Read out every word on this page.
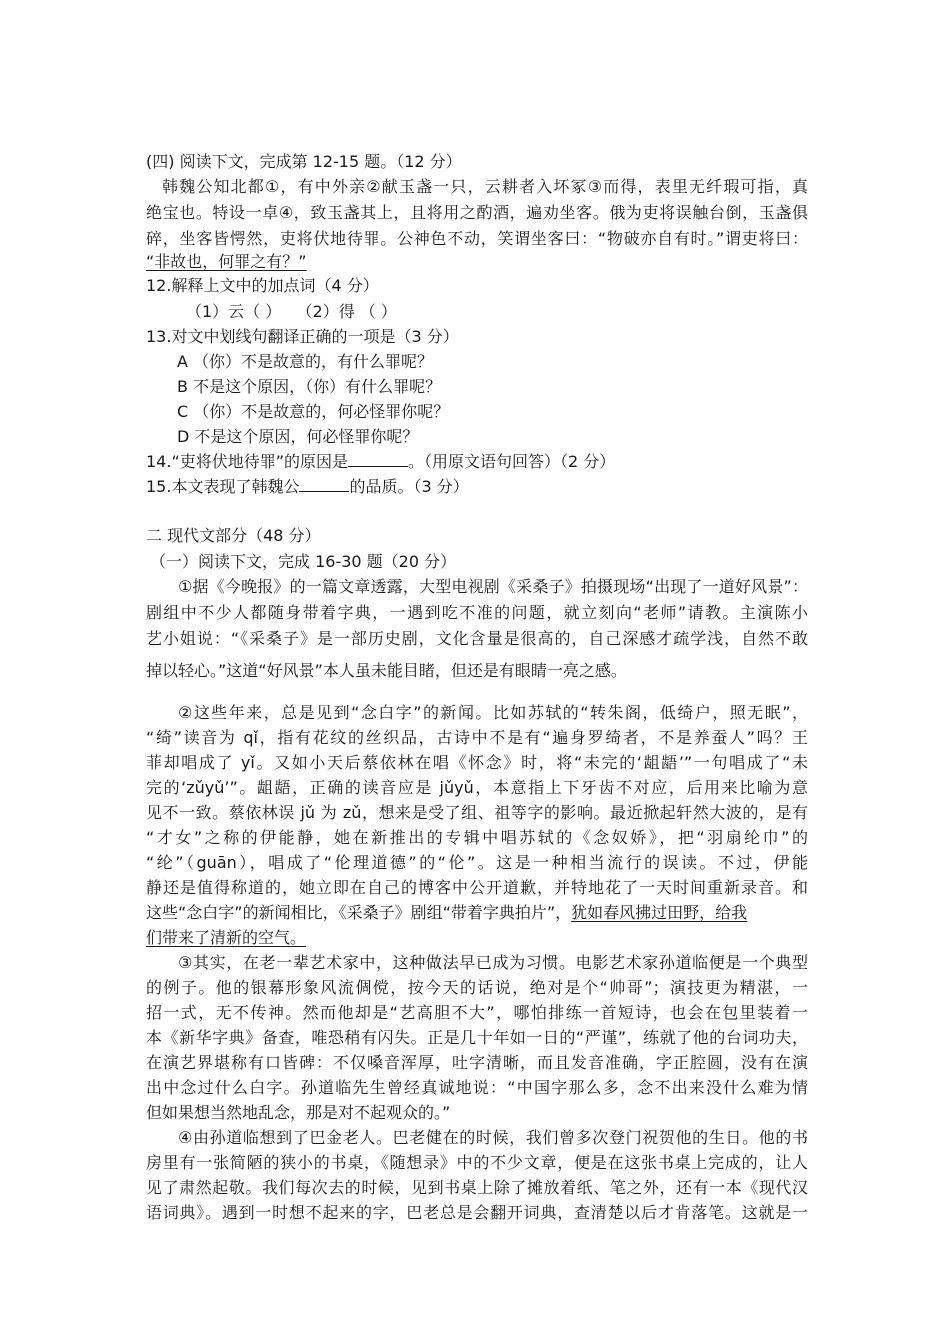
(四) 阅读下文，完成第 12-15 题。（12 分）
韩魏公知北都①，有中外亲②献玉盏一只，云耕者入坏冢③而得，表里无纤瑕可指，真
绝宝也。特设一卓④，致玉盏其上，且将用之酌酒，遍劝坐客。俄为吏将误触台倒，玉盏俱
碎，坐客皆愕然，吏将伏地待罪。公神色不动，笑谓坐客曰：“物破亦自有时。”谓吏将曰：
“非故也，何罪之有？”
12.解释上文中的加点词（4 分）
（1）云（ ）   （2）得 （ ）
13.对文中划线句翻译正确的一项是（3 分）
A （你）不是故意的，有什么罪呢？
B 不是这个原因，（你）有什么罪呢？
C （你）不是故意的，何必怪罪你呢？
D 不是这个原因，何必怪罪你呢？
14.“吏将伏地待罪”的原因是	。（用原文语句回答）（2 分）
15.本文表现了韩魏公	的品质。（3 分）
二 现代文部分（48 分）
（一）阅读下文，完成 16-30 题（20 分）
①据《今晚报》的一篇文章透露，大型电视剧《采桑子》拍摄现场“出现了一道好风景”：
剧组中不少人都随身带着字典，一遇到吃不准的问题，就立刻向“老师”请教。主演陈小
艺小姐说：“《采桑子》是一部历史剧，文化含量是很高的，自己深感才疏学浅，自然不敢
掉以轻心。”这道“好风景”本人虽未能目睹，但还是有眼睛一亮之感。
②这些年来，总是见到“念白字”的新闻。比如苏轼的“转朱阁，低绮户，照无眠”，
“绮”读音为 qǐ，指有花纹的丝织品，古诗中不是有“遍身罗绮者，不是养蚕人”吗？王
菲却唱成了 yǐ。又如小天后蔡依林在唱《怀念》时，将“未完的‘龃龉’”一句唱成了“未
完的‘zǔyǔ’”。龃龉，正确的读音应是 jǔyǔ，本意指上下牙齿不对应，后用来比喻为意
见不一致。蔡依林误 jǔ 为 zǔ，想来是受了组、祖等字的影响。最近掀起轩然大波的，是有
“才女”之称的伊能静，她在新推出的专辑中唱苏轼的《念奴娇》，把“羽扇纶巾”的
“纶”（guān），唱成了“伦理道德”的“伦”。这是一种相当流行的误读。不过，伊能
静还是值得称道的，她立即在自己的博客中公开道歉，并特地花了一天时间重新录音。和
这些“念白字”的新闻相比，《采桑子》剧组“带着字典拍片”，犹如春风拂过田野，给我
们带来了清新的空气。
③其实，在老一辈艺术家中，这种做法早已成为习惯。电影艺术家孙道临便是一个典型
的例子。他的银幕形象风流倜傥，按今天的话说，绝对是个“帅哥”；演技更为精湛，一
招一式，无不传神。然而他却是“艺高胆不大”，哪怕排练一首短诗，也会在包里装着一
本《新华字典》备查，唯恐稍有闪失。正是几十年如一日的“严谨”，练就了他的台词功夫，
在演艺界堪称有口皆碑：不仅嗓音浑厚，吐字清晰，而且发音准确，字正腔圆，没有在演
出中念过什么白字。孙道临先生曾经真诚地说：“中国字那么多，念不出来没什么难为情
但如果想当然地乱念，那是对不起观众的。”
④由孙道临想到了巴金老人。巴老健在的时候，我们曾多次登门祝贺他的生日。他的书
房里有一张简陋的狭小的书桌，《随想录》中的不少文章，便是在这张书桌上完成的，让人
见了肃然起敬。我们每次去的时候，见到书桌上除了摊放着纸、笔之外，还有一本《现代汉
语词典》。遇到一时想不起来的字，巴老总是会翻开词典，查清楚以后才肯落笔。这就是一
